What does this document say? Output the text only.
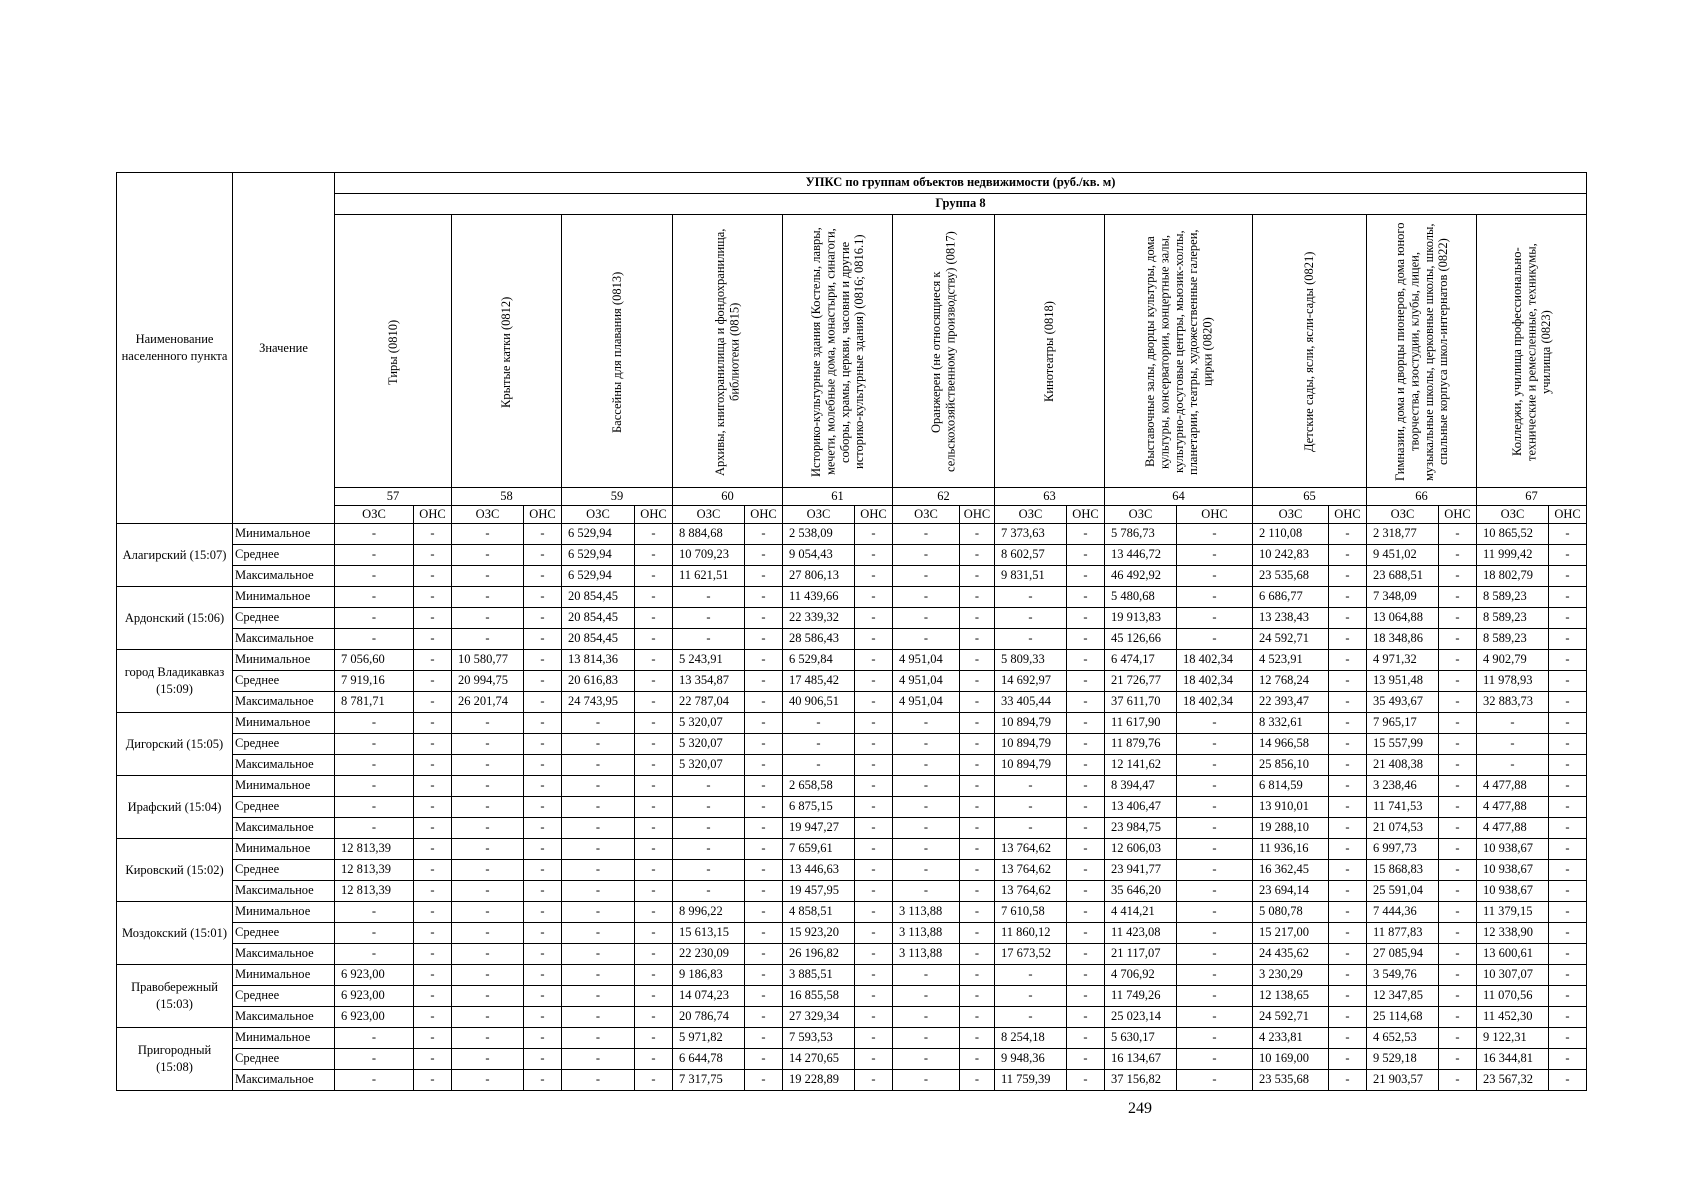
Наименование населенного пункта	Значение	УПКС по группам объектов недвижимости (руб./кв. м)																					
		Группа 8																					

		Тиры (0810)		Крытые катки (0812)		Бассейны для плавания (0813)		Архивы, книгохранилища и фондохранилища, библиотеки (0815)		Историко-культурные здания (Костелы, лавры, мечети, молебные дома, монастыри, синагоги, соборы, храмы, церкви, часовни и другие историко-культурные здания) (0816; 0816.1)		Оранжереи (не относящиеся к сельскохозяйственному производству) (0817)		Кинотеатры (0818)		Выставочные залы, дворцы культуры, дома культуры, консерватории, концертные залы, культурно-досуговые центры, мьюзик-холлы, планетарии, театры, художественные галереи, цирки (0820)		Детские сады, ясли, ясли-сады (0821)		Гимназии, дома и дворцы пионеров, дома юного творчества, изостудии, клубы, лицеи, музыкальные школы, церковные школы, школы, спальные корпуса школ-интернатов (0822)		Колледжи, училища профессионально-технические и ремесленные, техникумы, училища (0823)	

		57		58		59		60		61		62		63		64		65		66		67	
		ОЗС	ОНС	ОЗС	ОНС	ОЗС	ОНС	ОЗС	ОНС	ОЗС	ОНС	ОЗС	ОНС	ОЗС	ОНС	ОЗС	ОНС	ОЗС	ОНС	ОЗС	ОНС	ОЗС	ОНС
Алагирский (15:07)	Минимальное	-	-	-	-	6 529,94	-	8 884,68	-	2 538,09	-	-	-	7 373,63	-	5 786,73	-	2 110,08	-	2 318,77	-	10 865,52	-
	Среднее	-	-	-	-	6 529,94	-	10 709,23	-	9 054,43	-	-	-	8 602,57	-	13 446,72	-	10 242,83	-	9 451,02	-	11 999,42	-
	Максимальное	-	-	-	-	6 529,94	-	11 621,51	-	27 806,13	-	-	-	9 831,51	-	46 492,92	-	23 535,68	-	23 688,51	-	18 802,79	-
Ардонский (15:06)	Минимальное	-	-	-	-	20 854,45	-	-	-	11 439,66	-	-	-	-	-	5 480,68	-	6 686,77	-	7 348,09	-	8 589,23	-
	Среднее	-	-	-	-	20 854,45	-	-	-	22 339,32	-	-	-	-	-	19 913,83	-	13 238,43	-	13 064,88	-	8 589,23	-
	Максимальное	-	-	-	-	20 854,45	-	-	-	28 586,43	-	-	-	-	-	45 126,66	-	24 592,71	-	18 348,86	-	8 589,23	-
город Владикавказ (15:09)	Минимальное	7 056,60	-	10 580,77	-	13 814,36	-	5 243,91	-	6 529,84	-	4 951,04	-	5 809,33	-	6 474,17	18 402,34	4 523,91	-	4 971,32	-	4 902,79	-
	Среднее	7 919,16	-	20 994,75	-	20 616,83	-	13 354,87	-	17 485,42	-	4 951,04	-	14 692,97	-	21 726,77	18 402,34	12 768,24	-	13 951,48	-	11 978,93	-
	Максимальное	8 781,71	-	26 201,74	-	24 743,95	-	22 787,04	-	40 906,51	-	4 951,04	-	33 405,44	-	37 611,70	18 402,34	22 393,47	-	35 493,67	-	32 883,73	-
Дигорский (15:05)	Минимальное	-	-	-	-	-	-	5 320,07	-	-	-	-	-	10 894,79	-	11 617,90	-	8 332,61	-	7 965,17	-	-	-
	Среднее	-	-	-	-	-	-	5 320,07	-	-	-	-	-	10 894,79	-	11 879,76	-	14 966,58	-	15 557,99	-	-	-
	Максимальное	-	-	-	-	-	-	5 320,07	-	-	-	-	-	10 894,79	-	12 141,62	-	25 856,10	-	21 408,38	-	-	-
Ирафский (15:04)	Минимальное	-	-	-	-	-	-	-	-	2 658,58	-	-	-	-	-	8 394,47	-	6 814,59	-	3 238,46	-	4 477,88	-
	Среднее	-	-	-	-	-	-	-	-	6 875,15	-	-	-	-	-	13 406,47	-	13 910,01	-	11 741,53	-	4 477,88	-
	Максимальное	-	-	-	-	-	-	-	-	19 947,27	-	-	-	-	-	23 984,75	-	19 288,10	-	21 074,53	-	4 477,88	-
Кировский (15:02)	Минимальное	12 813,39	-	-	-	-	-	-	-	7 659,61	-	-	-	13 764,62	-	12 606,03	-	11 936,16	-	6 997,73	-	10 938,67	-
	Среднее	12 813,39	-	-	-	-	-	-	-	13 446,63	-	-	-	13 764,62	-	23 941,77	-	16 362,45	-	15 868,83	-	10 938,67	-
	Максимальное	12 813,39	-	-	-	-	-	-	-	19 457,95	-	-	-	13 764,62	-	35 646,20	-	23 694,14	-	25 591,04	-	10 938,67	-
Моздокский (15:01)	Минимальное	-	-	-	-	-	-	8 996,22	-	4 858,51	-	3 113,88	-	7 610,58	-	4 414,21	-	5 080,78	-	7 444,36	-	11 379,15	-
	Среднее	-	-	-	-	-	-	15 613,15	-	15 923,20	-	3 113,88	-	11 860,12	-	11 423,08	-	15 217,00	-	11 877,83	-	12 338,90	-
	Максимальное	-	-	-	-	-	-	22 230,09	-	26 196,82	-	3 113,88	-	17 673,52	-	21 117,07	-	24 435,62	-	27 085,94	-	13 600,61	-
Правобережный (15:03)	Минимальное	6 923,00	-	-	-	-	-	9 186,83	-	3 885,51	-	-	-	-	-	4 706,92	-	3 230,29	-	3 549,76	-	10 307,07	-
	Среднее	6 923,00	-	-	-	-	-	14 074,23	-	16 855,58	-	-	-	-	-	11 749,26	-	12 138,65	-	12 347,85	-	11 070,56	-
	Максимальное	6 923,00	-	-	-	-	-	20 786,74	-	27 329,34	-	-	-	-	-	25 023,14	-	24 592,71	-	25 114,68	-	11 452,30	-
Пригородный (15:08)	Минимальное	-	-	-	-	-	-	5 971,82	-	7 593,53	-	-	-	8 254,18	-	5 630,17	-	4 233,81	-	4 652,53	-	9 122,31	-
	Среднее	-	-	-	-	-	-	6 644,78	-	14 270,65	-	-	-	9 948,36	-	16 134,67	-	10 169,00	-	9 529,18	-	16 344,81	-
	Максимальное	-	-	-	-	-	-	7 317,75	-	19 228,89	-	-	-	11 759,39	-	37 156,82	-	23 535,68	-	21 903,57	-	23 567,32	-
249
